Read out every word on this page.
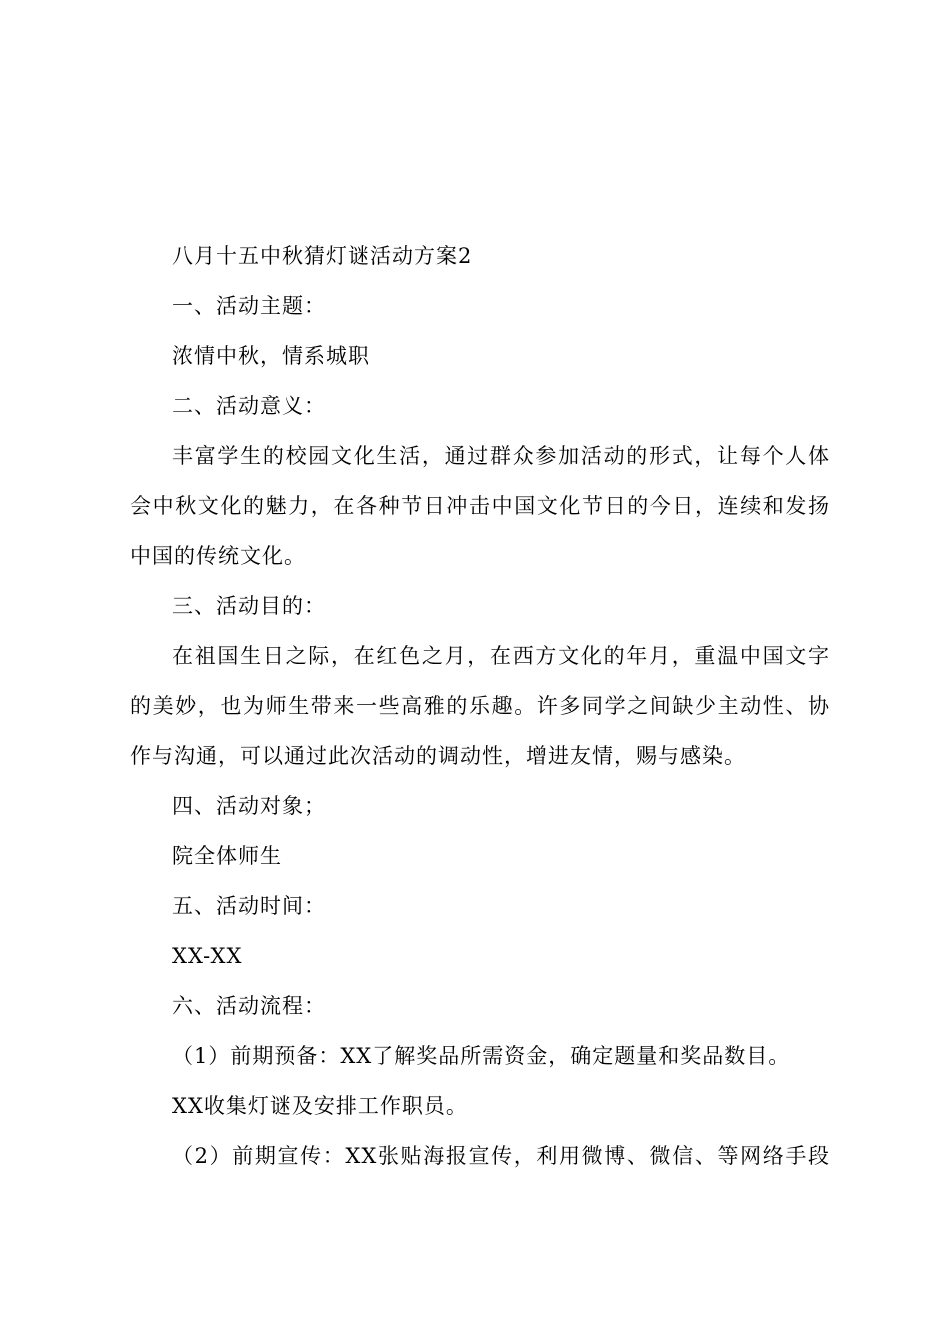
八月十五中秋猜灯谜活动方案2
一、活动主题：
浓情中秋，情系城职
二、活动意义：
丰富学生的校园文化生活，通过群众参加活动的形式，让每个人体
会中秋文化的魅力，在各种节日冲击中国文化节日的今日，连续和发扬
中国的传统文化。
三、活动目的：
在祖国生日之际，在红色之月，在西方文化的年月，重温中国文字
的美妙，也为师生带来一些高雅的乐趣。许多同学之间缺少主动性、协
作与沟通，可以通过此次活动的调动性，增进友情，赐与感染。
四、活动对象；
院全体师生
五、活动时间：
XX-XX
六、活动流程：
（1）前期预备：XX了解奖品所需资金，确定题量和奖品数目。
XX收集灯谜及安排工作职员。
（2）前期宣传：XX张贴海报宣传，利用微博、微信、等网络手段
